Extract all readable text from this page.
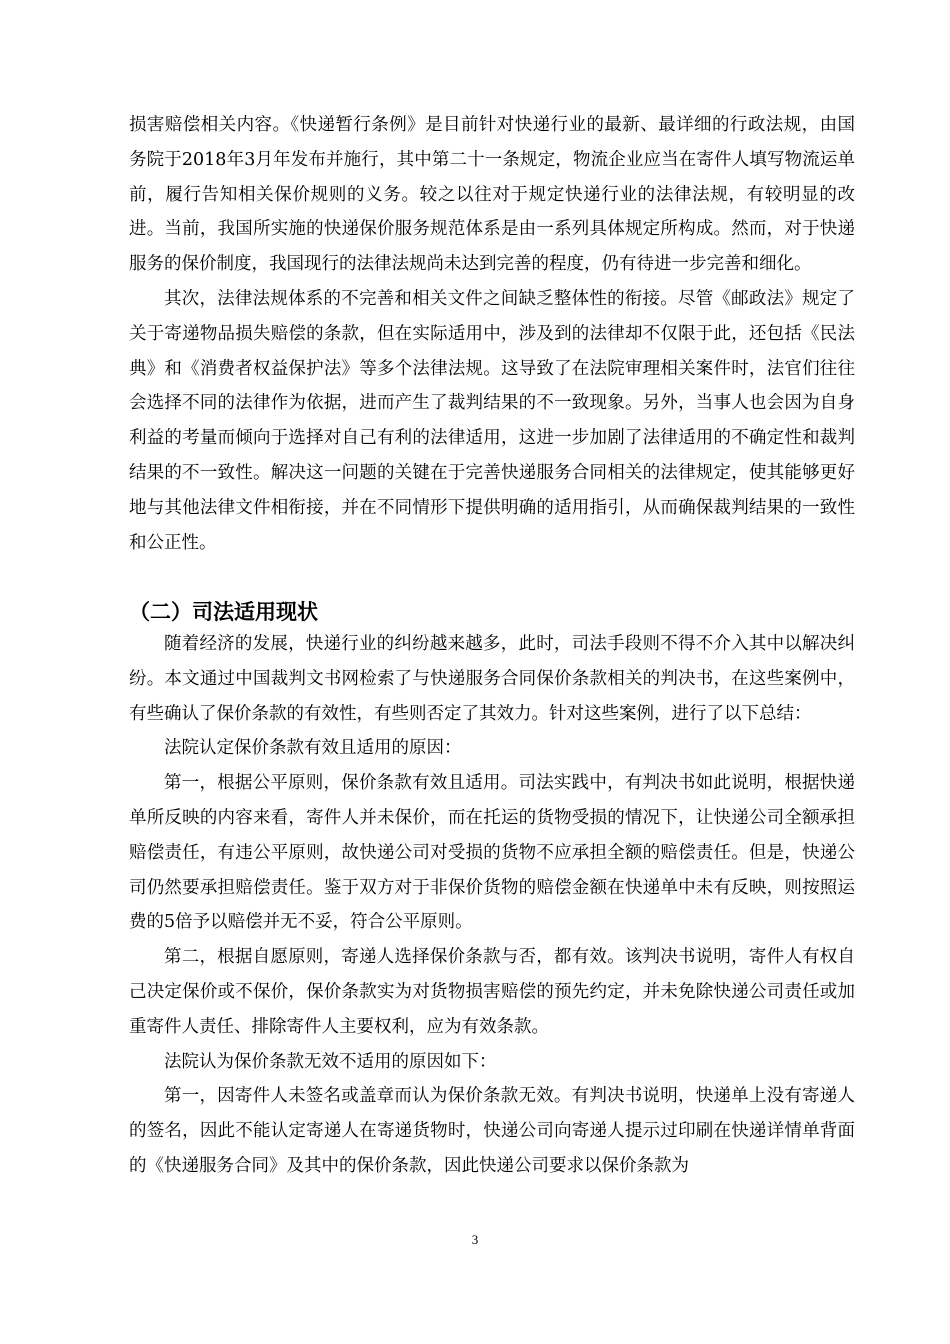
损害赔偿相关内容。《快递暂行条例》是目前针对快递行业的最新、最详细的行政法规，由国务院于2018年3月年发布并施行，其中第二十一条规定，物流企业应当在寄件人填写物流运单前，履行告知相关保价规则的义务。较之以往对于规定快递行业的法律法规，有较明显的改进。当前，我国所实施的快递保价服务规范体系是由一系列具体规定所构成。然而，对于快递服务的保价制度，我国现行的法律法规尚未达到完善的程度，仍有待进一步完善和细化。

其次，法律法规体系的不完善和相关文件之间缺乏整体性的衔接。尽管《邮政法》规定了关于寄递物品损失赔偿的条款，但在实际适用中，涉及到的法律却不仅限于此，还包括《民法典》和《消费者权益保护法》等多个法律法规。这导致了在法院审理相关案件时，法官们往往会选择不同的法律作为依据，进而产生了裁判结果的不一致现象。另外，当事人也会因为自身利益的考量而倾向于选择对自己有利的法律适用，这进一步加剧了法律适用的不确定性和裁判结果的不一致性。解决这一问题的关键在于完善快递服务合同相关的法律规定，使其能够更好地与其他法律文件相衔接，并在不同情形下提供明确的适用指引，从而确保裁判结果的一致性和公正性。

（二）司法适用现状

随着经济的发展，快递行业的纠纷越来越多，此时，司法手段则不得不介入其中以解决纠纷。本文通过中国裁判文书网检索了与快递服务合同保价条款相关的判决书，在这些案例中，有些确认了保价条款的有效性，有些则否定了其效力。针对这些案例，进行了以下总结：

法院认定保价条款有效且适用的原因：

第一，根据公平原则，保价条款有效且适用。司法实践中，有判决书如此说明，根据快递单所反映的内容来看，寄件人并未保价，而在托运的货物受损的情况下，让快递公司全额承担赔偿责任，有违公平原则，故快递公司对受损的货物不应承担全额的赔偿责任。但是，快递公司仍然要承担赔偿责任。鉴于双方对于非保价货物的赔偿金额在快递单中未有反映，则按照运费的5倍予以赔偿并无不妥，符合公平原则。

第二，根据自愿原则，寄递人选择保价条款与否，都有效。该判决书说明，寄件人有权自己决定保价或不保价，保价条款实为对货物损害赔偿的预先约定，并未免除快递公司责任或加重寄件人责任、排除寄件人主要权利，应为有效条款。

法院认为保价条款无效不适用的原因如下：

第一，因寄件人未签名或盖章而认为保价条款无效。有判决书说明，快递单上没有寄递人的签名，因此不能认定寄递人在寄递货物时，快递公司向寄递人提示过印刷在快递详情单背面的《快递服务合同》及其中的保价条款，因此快递公司要求以保价条款为

3
